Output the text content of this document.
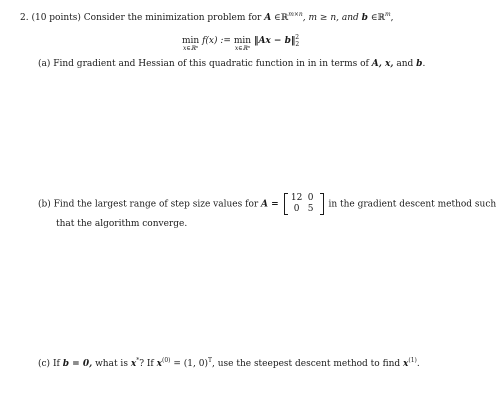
2. (10 points) Consider the minimization problem for A ∈ℝ$^{m\times n}$, m ≥ n, and b ∈ℝ$^m$,
min
x∈ℝⁿ
f(x) := min
x∈ℝⁿ
‖Ax − $b‖_2^2$
(a) Find gradient and Hessian of this quadratic function in in in terms of A, x, and b.
(b) Find the largest range of step size values for A =
12 0
0 5	in the gradient descent method such
that the algorithm converge.
(c) If b = 0, what is x*? If $x^{(0)} = (1$, 0)$^T$, use the steepest descent method to find $x^{(1)}$.
